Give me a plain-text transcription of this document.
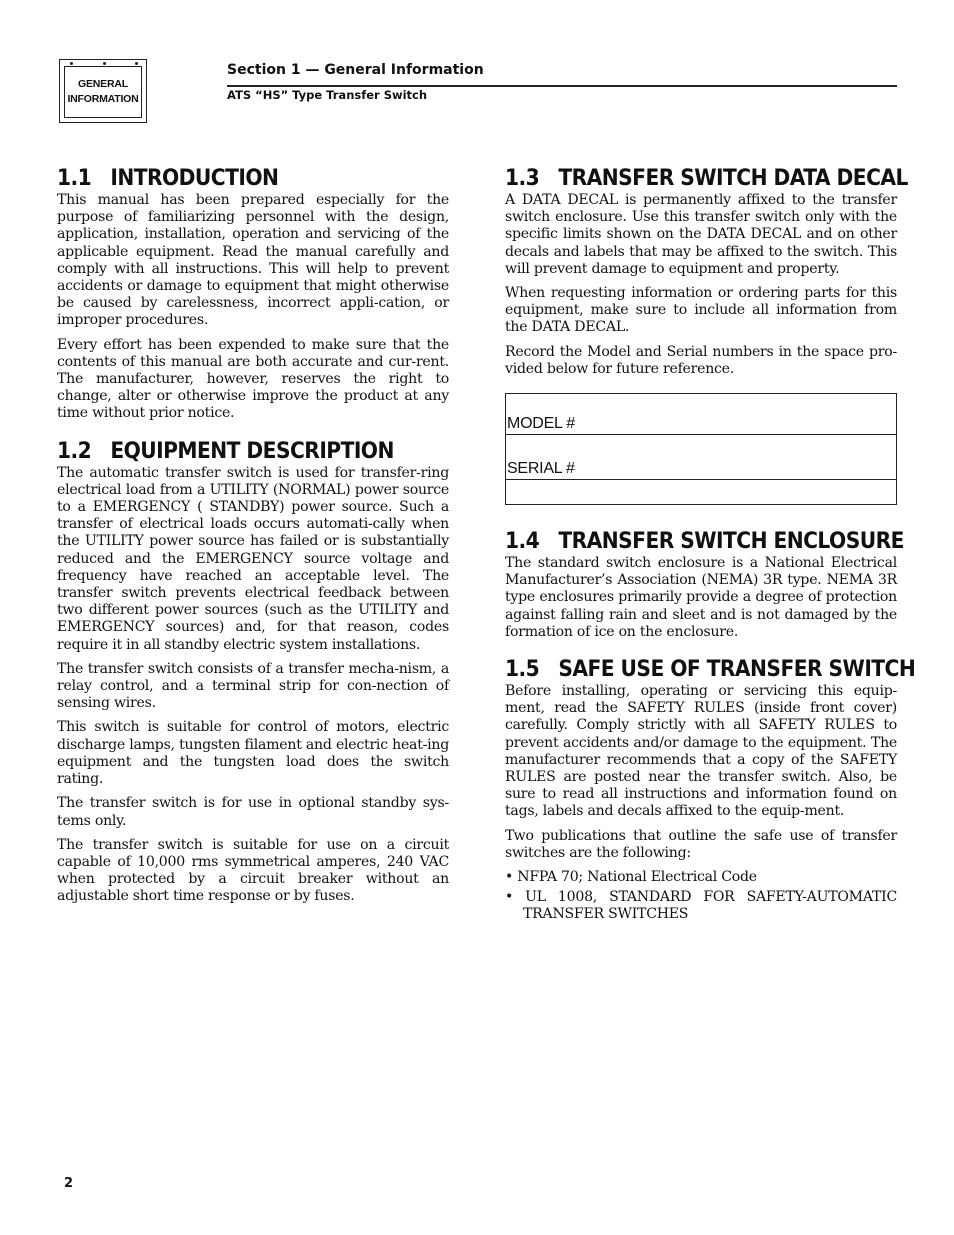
GENERAL
INFORMATION
Section 1 — General Information
ATS “HS” Type Transfer Switch
1.1 INTRODUCTION

This manual has been prepared especially for the purpose of familiarizing personnel with the design, application, installation, operation and servicing of the applicable equipment. Read the manual carefully and comply with all instructions. This will help to prevent accidents or damage to equipment that might otherwise be caused by carelessness, incorrect appli-cation, or improper procedures.

Every effort has been expended to make sure that the contents of this manual are both accurate and cur-rent. The manufacturer, however, reserves the right to change, alter or otherwise improve the product at any time without prior notice.

1.2 EQUIPMENT DESCRIPTION

The automatic transfer switch is used for transfer-ring electrical load from a UTILITY (NORMAL) power source to a EMERGENCY ( STANDBY) power source. Such a transfer of electrical loads occurs automati-cally when the UTILITY power source has failed or is substantially reduced and the EMERGENCY source voltage and frequency have reached an acceptable level. The transfer switch prevents electrical feedback between two different power sources (such as the UTILITY and EMERGENCY sources) and, for that reason, codes require it in all standby electric system installations.

The transfer switch consists of a transfer mecha-nism, a relay control, and a terminal strip for con-nection of sensing wires.

This switch is suitable for control of motors, electric discharge lamps, tungsten filament and electric heat-ing equipment and the tungsten load does the switch rating.

The transfer switch is for use in optional standby sys-tems only.

The transfer switch is suitable for use on a circuit capable of 10,000 rms symmetrical amperes, 240 VAC when protected by a circuit breaker without an adjustable short time response or by fuses.

1.3 TRANSFER SWITCH DATA DECAL

A DATA DECAL is permanently affixed to the transfer switch enclosure. Use this transfer switch only with the specific limits shown on the DATA DECAL and on other decals and labels that may be affixed to the switch. This will prevent damage to equipment and property.

When requesting information or ordering parts for this equipment, make sure to include all information from the DATA DECAL.

Record the Model and Serial numbers in the space pro-vided below for future reference.

MODEL #
SERIAL #
1.4 TRANSFER SWITCH ENCLOSURE

The standard switch enclosure is a National Electrical Manufacturer’s Association (NEMA) 3R type. NEMA 3R type enclosures primarily provide a degree of protection against falling rain and sleet and is not damaged by the formation of ice on the enclosure.

1.5 SAFE USE OF TRANSFER SWITCH

Before installing, operating or servicing this equip-ment, read the SAFETY RULES (inside front cover) carefully. Comply strictly with all SAFETY RULES to prevent accidents and/or damage to the equipment. The manufacturer recommends that a copy of the SAFETY RULES are posted near the transfer switch. Also, be sure to read all instructions and information found on tags, labels and decals affixed to the equip-ment.

Two publications that outline the safe use of transfer switches are the following:

• NFPA 70; National Electrical Code
• UL 1008, STANDARD FOR SAFETY-AUTOMATIC TRANSFER SWITCHES
2
